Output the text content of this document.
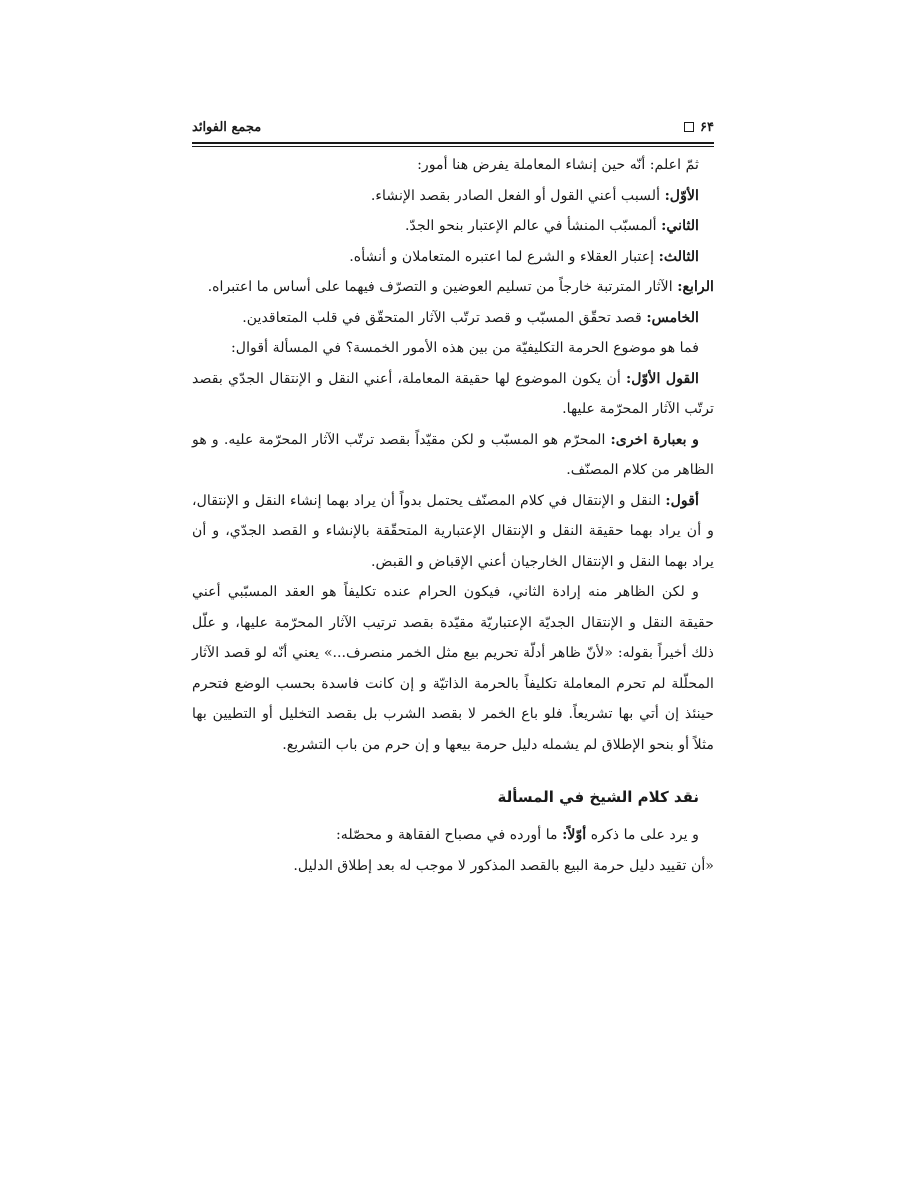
۶۴
مجمع الفوائد

ثمّ اعلم: أنّه حين إنشاء المعاملة يفرض هنا أمور:

الأوّل: ألسبب أعني القول أو الفعل الصادر بقصد الإنشاء.

الثاني: ألمسبّب المنشأ في عالم الإعتبار بنحو الجدّ.

الثالث: إعتبار العقلاء و الشرع لما اعتبره المتعاملان و أنشأه.

الرابع: الآثار المترتبة خارجاً من تسليم العوضين و التصرّف فيهما على أساس ما اعتبراه.

الخامس: قصد تحقّق المسبّب و قصد ترتّب الآثار المتحقّق في قلب المتعاقدين.

فما هو موضوع الحرمة التكليفيّة من بين هذه الأمور الخمسة؟ في المسألة أقوال:

القول الأوّل: أن يكون الموضوع لها حقيقة المعاملة، أعني النقل و الإنتقال الجدّي بقصد ترتّب الآثار المحرّمة عليها.

و بعبارة اخرى: المحرّم هو المسبّب و لكن مقيّداً بقصد ترتّب الآثار المحرّمة عليه. و هو الظاهر من كلام المصنّف.

أقول: النقل و الإنتقال في كلام المصنّف يحتمل بدواً أن يراد بهما إنشاء النقل و الإنتقال، و أن يراد بهما حقيقة النقل و الإنتقال الإعتبارية المتحقّقة بالإنشاء و القصد الجدّي، و أن يراد بهما النقل و الإنتقال الخارجيان أعني الإقباض و القبض.

و لكن الظاهر منه إرادة الثاني، فيكون الحرام عنده تكليفاً هو العقد المسبّبي أعني حقيقة النقل و الإنتقال الجديّة الإعتباريّة مقيّدة بقصد ترتيب الآثار المحرّمة عليها، و علّل ذلك أخيراً بقوله: «لأنّ ظاهر أدلّة تحريم بيع مثل الخمر منصرف...» يعني أنّه لو قصد الآثار المحلّلة لم تحرم المعاملة تكليفاً بالحرمة الذاتيّة و إن كانت فاسدة بحسب الوضع فتحرم حينئذ إن أتي بها تشريعاً. فلو باع الخمر لا بقصد الشرب بل بقصد التخليل أو التطيين بها مثلاً أو بنحو الإطلاق لم يشمله دليل حرمة بيعها و إن حرم من باب التشريع.

نقد كلام الشيخ في المسألة

و يرد على ما ذكره أوّلاً: ما أورده في مصباح الفقاهة و محصّله:

«أن تقييد دليل حرمة البيع بالقصد المذكور لا موجب له بعد إطلاق الدليل.
